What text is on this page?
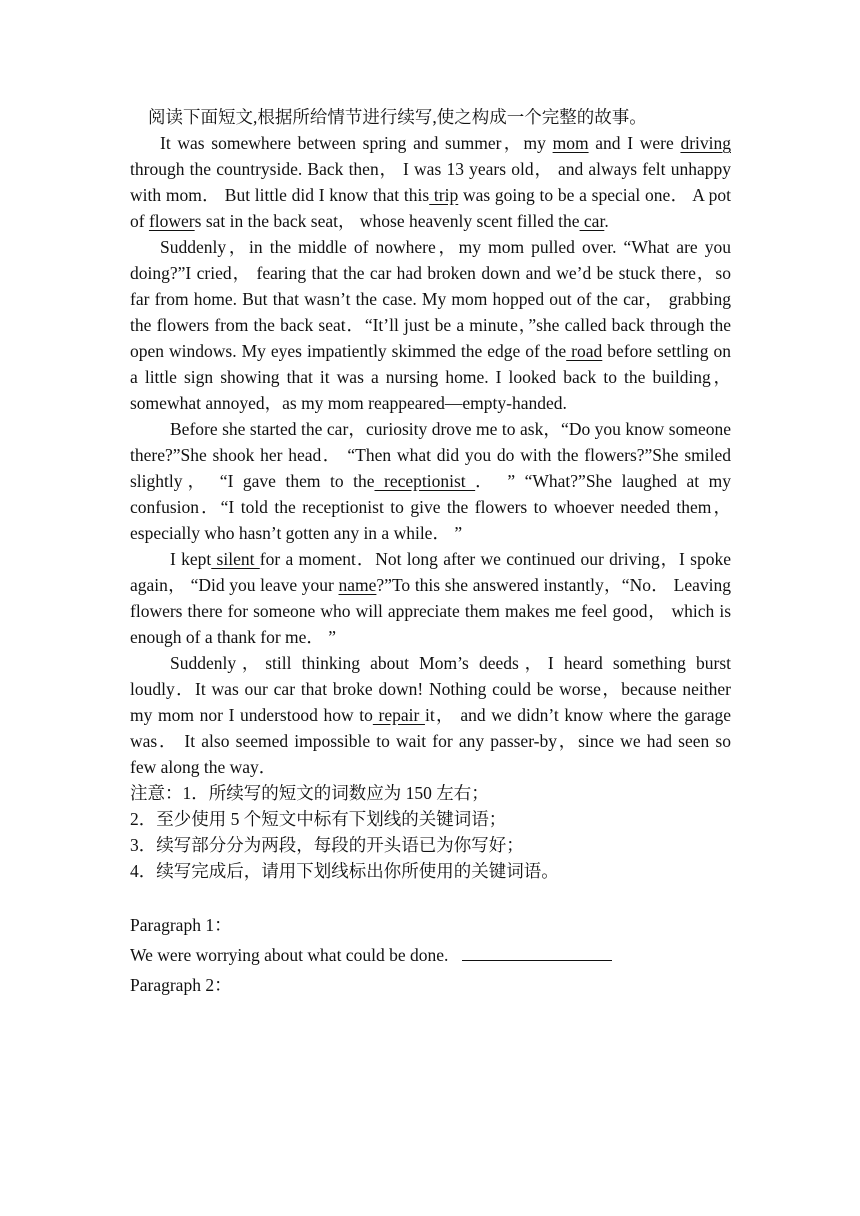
阅读下面短文,根据所给情节进行续写,使之构成一个完整的故事。

It was somewhere between spring and summer，my mom and I were driving through the countryside. Back then， I was 13 years old， and always felt unhappy with mom． But little did I know that this trip was going to be a special one． A pot of flowers sat in the back seat， whose heavenly scent filled the car.

Suddenly，in the middle of nowhere，my mom pulled over. “What are you doing?”I cried， fearing that the car had broken down and we’d be stuck there，so far from home. But that wasn’t the case. My mom hopped out of the car， grabbing the flowers from the back seat．“It’ll just be a minute，”she called back through the open windows. My eyes impatiently skimmed the edge of the road before settling on a little sign showing that it was a nursing home. I looked back to the building，somewhat annoyed，as my mom reappeared—empty-handed.

Before she started the car，curiosity drove me to ask，“Do you know someone there?”She shook her head． “Then what did you do with the flowers?”She smiled slightly， “I gave them to the receptionist ． ” “What?”She laughed at my confusion．“I told the receptionist to give the flowers to whoever needed them， especially who hasn’t gotten any in a while． ”

I kept silent for a moment．Not long after we continued our driving，I spoke again， “Did you leave your name?”To this she answered instantly，“No． Leaving flowers there for someone who will appreciate them makes me feel good， which is enough of a thank for me． ”

Suddenly，still thinking about Mom’s deeds，I heard something burst loudly．It was our car that broke down! Nothing could be worse，because neither my mom nor I understood how to repair it， and we didn’t know where the garage was． It also seemed impossible to wait for any passer-by，since we had seen so few along the way．

注意：1．所续写的短文的词数应为 150 左右；

2．至少使用 5 个短文中标有下划线的关键词语；

3．续写部分分为两段，每段的开头语已为你写好；

4．续写完成后，请用下划线标出你所使用的关键词语。

Paragraph 1：

We were worrying about what could be done.

Paragraph 2：
